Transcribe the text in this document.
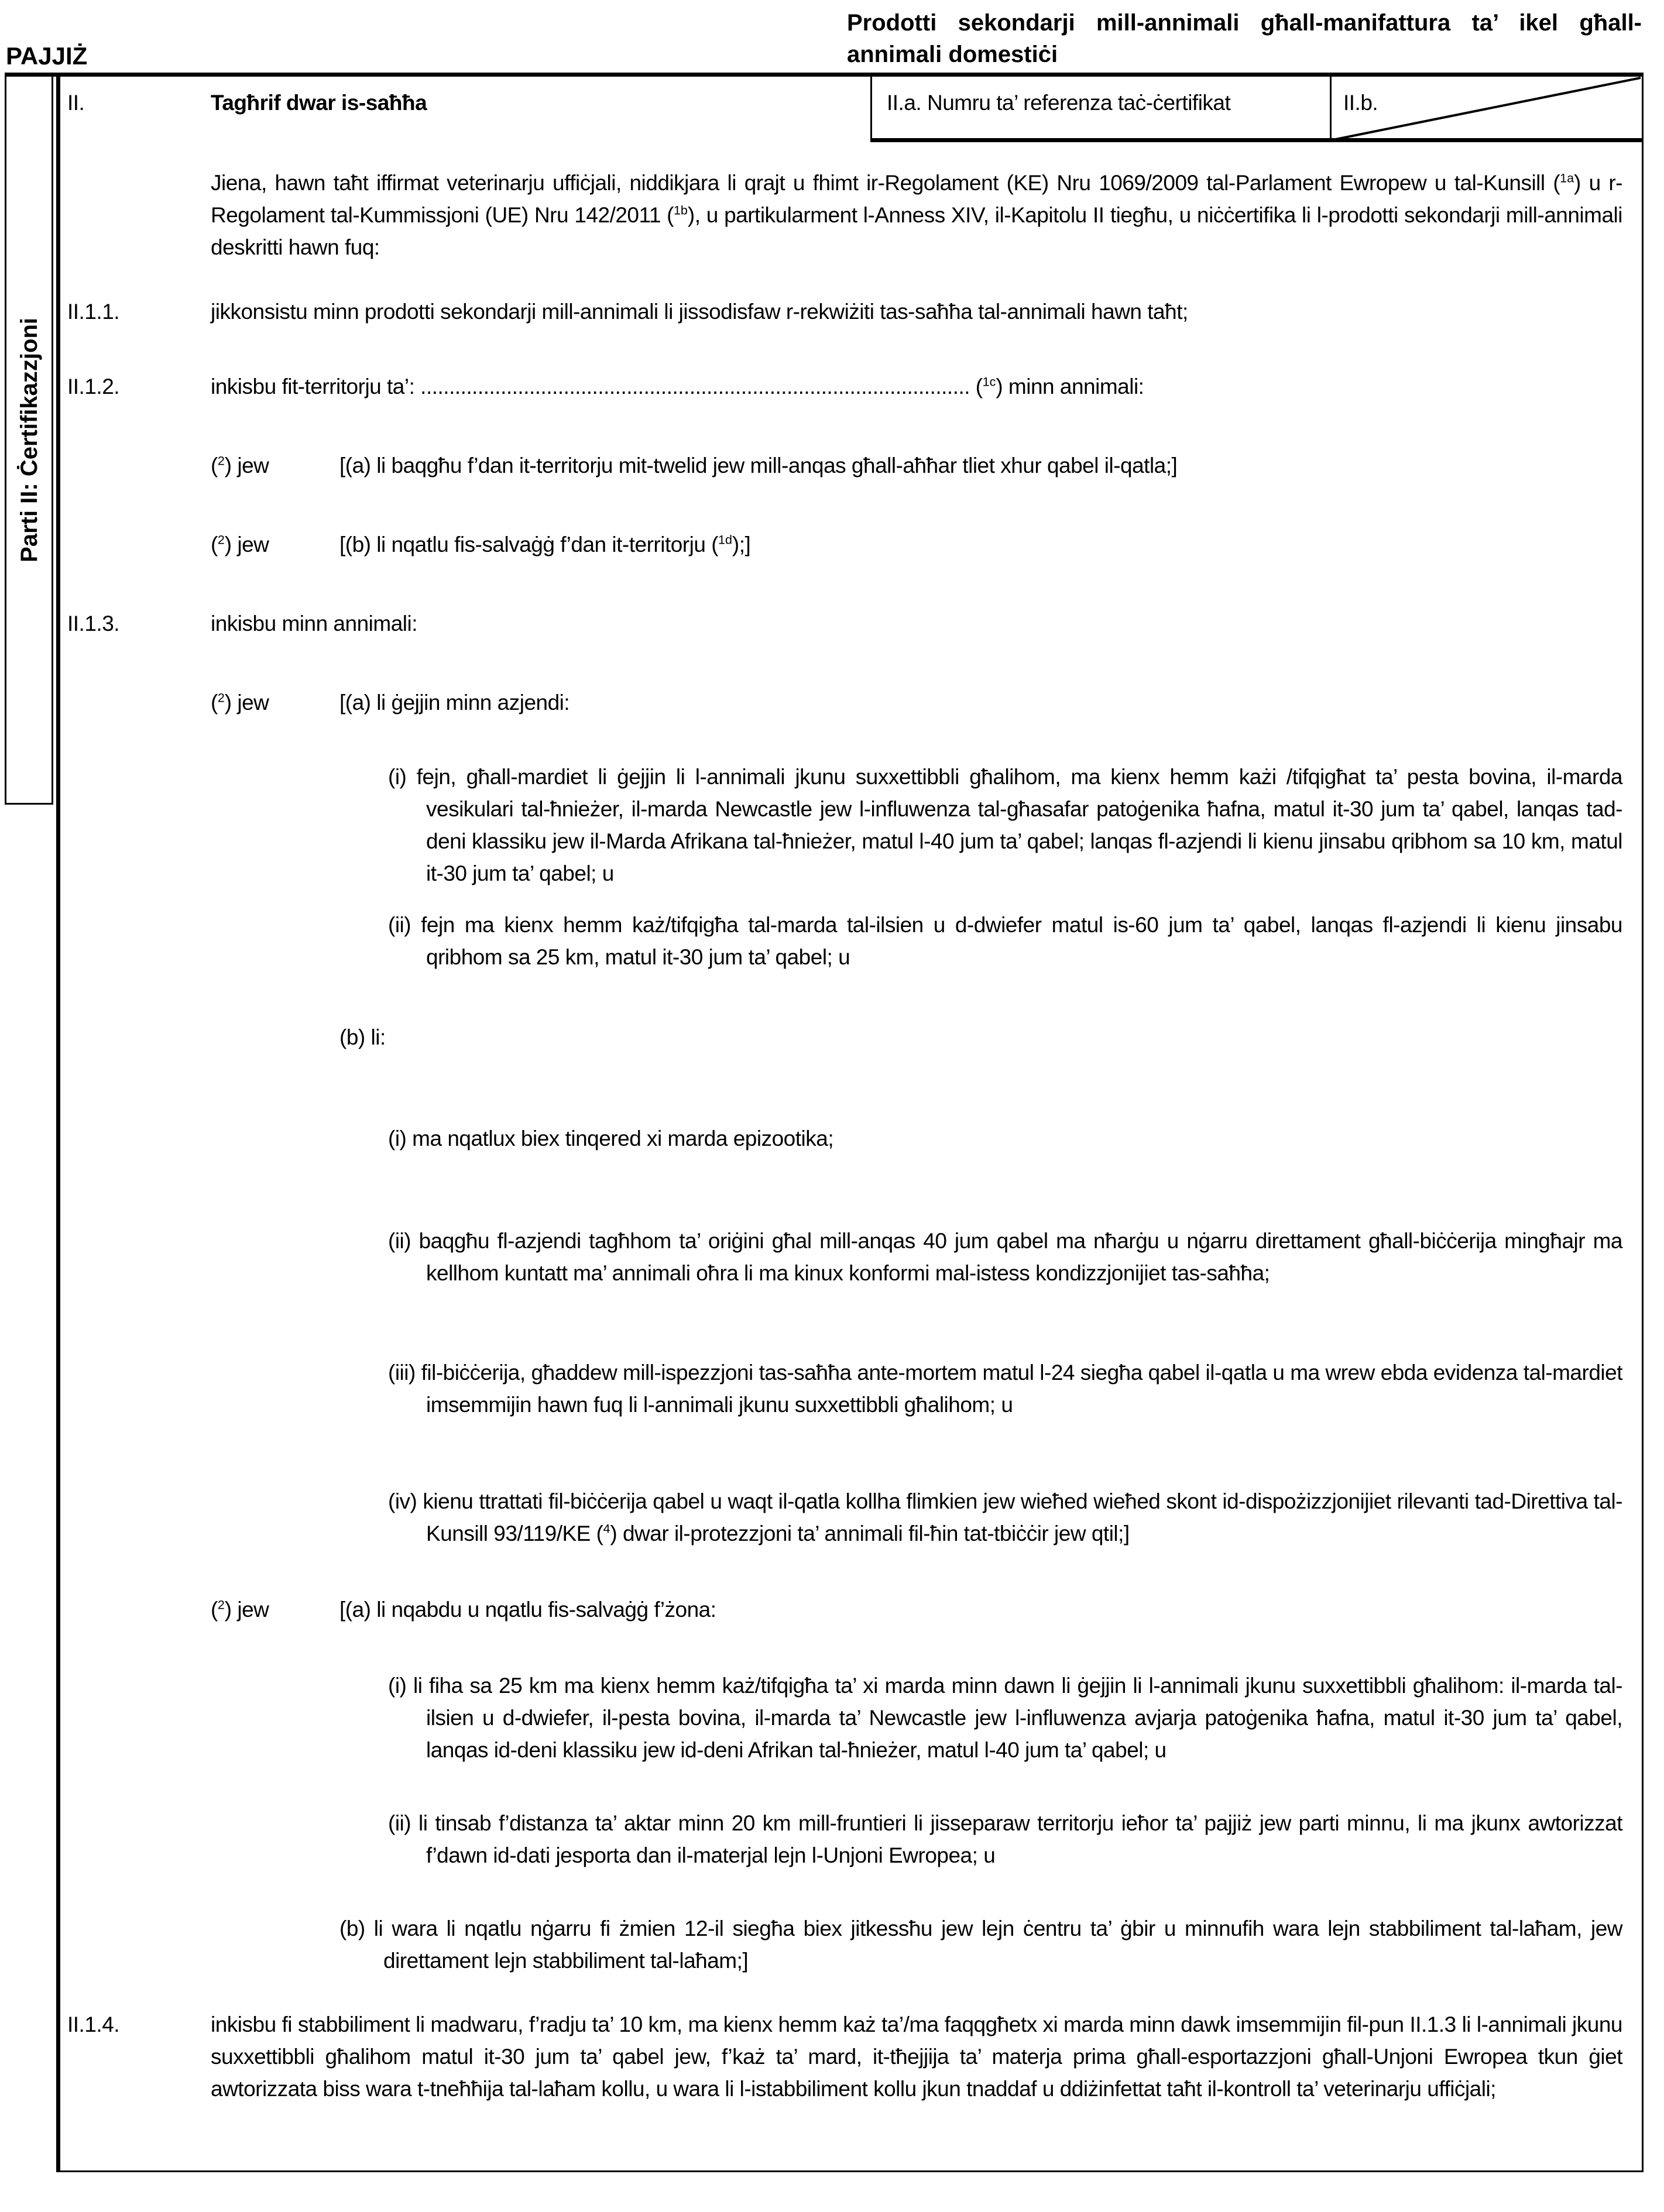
PAJJIŻ
Prodotti sekondarji mill-annimali għall-manifattura ta’ ikel għall-annimali domestiċi
Parti II: Ċertifikazzjoni
II.	Tagħrif dwar is-saħħa	II.a. Numru ta’ referenza taċ-ċertifikat	II.b.
Jiena, hawn taħt iffirmat veterinarju uffiċjali, niddikjara li qrajt u fhimt ir-Regolament (KE) Nru 1069/2009 tal-Parlament Ewropew u tal-Kunsill ($^{1a}$) u r-Regolament tal-Kummissjoni (UE) Nru 142/2011 ($^{1b}$), u partikularment l-Anness XIV, il-Kapitolu II tiegħu, u niċċertifika li l-prodotti sekondarji mill-annimali deskritti hawn fuq:
II.1.1.	jikkonsistu minn prodotti sekondarji mill-annimali li jissodisfaw r-rekwiżiti tas-saħħa tal-annimali hawn taħt;
II.1.2.	inkisbu fit-territorju ta’: ................................................................................................ ($^{1c}$) minn annimali:
($^2$) jew	[(a) li baqgħu f’dan it-territorju mit-twelid jew mill-anqas għall-aħħar tliet xhur qabel il-qatla;]
($^2$) jew	[(b) li nqatlu fis-salvaġġ f’dan it-territorju ($^{1d}$);]
II.1.3.	inkisbu minn annimali:
($^2$) jew	[(a) li ġejjin minn azjendi:
(i) fejn, għall-mardiet li ġejjin li l-annimali jkunu suxxettibbli għalihom, ma kienx hemm każi /tifqigħat ta’ pesta bovina, il-marda vesikulari tal-ħnieżer, il-marda Newcastle jew l-influwenza tal-għasafar patoġenika ħafna, matul it-30 jum ta’ qabel, lanqas tad-deni klassiku jew il-Marda Afrikana tal-ħnieżer, matul l-40 jum ta’ qabel; lanqas fl-azjendi li kienu jinsabu qribhom sa 10 km, matul it-30 jum ta’ qabel; u
(ii) fejn ma kienx hemm każ/tifqigħa tal-marda tal-ilsien u d-dwiefer matul is-60 jum ta’ qabel, lanqas fl-azjendi li kienu jinsabu qribhom sa 25 km, matul it-30 jum ta’ qabel; u
(b) li:
(i) ma nqatlux biex tinqered xi marda epizootika;
(ii) baqgħu fl-azjendi tagħhom ta’ oriġini għal mill-anqas 40 jum qabel ma nħarġu u nġarru direttament għall-biċċerija mingħajr ma kellhom kuntatt ma’ annimali oħra li ma kinux konformi mal-istess kondizzjonijiet tas-saħħa;
(iii) fil-biċċerija, għaddew mill-ispezzjoni tas-saħħa ante-mortem matul l-24 siegħa qabel il-qatla u ma wrew ebda evidenza tal-mardiet imsemmijin hawn fuq li l-annimali jkunu suxxettibbli għalihom; u
(iv) kienu ttrattati fil-biċċerija qabel u waqt il-qatla kollha flimkien jew wieħed wieħed skont id-dispożizzjonijiet rilevanti tad-Direttiva tal-Kunsill 93/119/KE ($^4$) dwar il-protezzjoni ta’ annimali fil-ħin tat-tbiċċir jew qtil;]
($^2$) jew	[(a) li nqabdu u nqatlu fis-salvaġġ f’żona:
(i) li fiha sa 25 km ma kienx hemm każ/tifqigħa ta’ xi marda minn dawn li ġejjin li l-annimali jkunu suxxettibbli għalihom: il-marda tal-ilsien u d-dwiefer, il-pesta bovina, il-marda ta’ Newcastle jew l-influwenza avjarja patoġenika ħafna, matul it-30 jum ta’ qabel, lanqas id-deni klassiku jew id-deni Afrikan tal-ħnieżer, matul l-40 jum ta’ qabel; u
(ii) li tinsab f’distanza ta’ aktar minn 20 km mill-fruntieri li jisseparaw territorju ieħor ta’ pajjiż jew parti minnu, li ma jkunx awtorizzat f’dawn id-dati jesporta dan il-materjal lejn l-Unjoni Ewropea; u
(b) li wara li nqatlu nġarru fi żmien 12-il siegħa biex jitkessħu jew lejn ċentru ta’ ġbir u minnufih wara lejn stabbiliment tal-laħam, jew direttament lejn stabbiliment tal-laħam;]
II.1.4.	inkisbu fi stabbiliment li madwaru, f’radju ta’ 10 km, ma kienx hemm każ ta’/ma faqqgħetx xi marda minn dawk imsemmijin fil-pun II.1.3 li l-annimali jkunu suxxettibbli għalihom matul it-30 jum ta’ qabel jew, f’każ ta’ mard, it-tħejjija ta’ materja prima għall-esportazzjoni għall-Unjoni Ewropea tkun ġiet awtorizzata biss wara t-tneħħija tal-laħam kollu, u wara li l-istabbiliment kollu jkun tnaddaf u ddiżinfettat taħt il-kontroll ta’ veterinarju uffiċjali;
